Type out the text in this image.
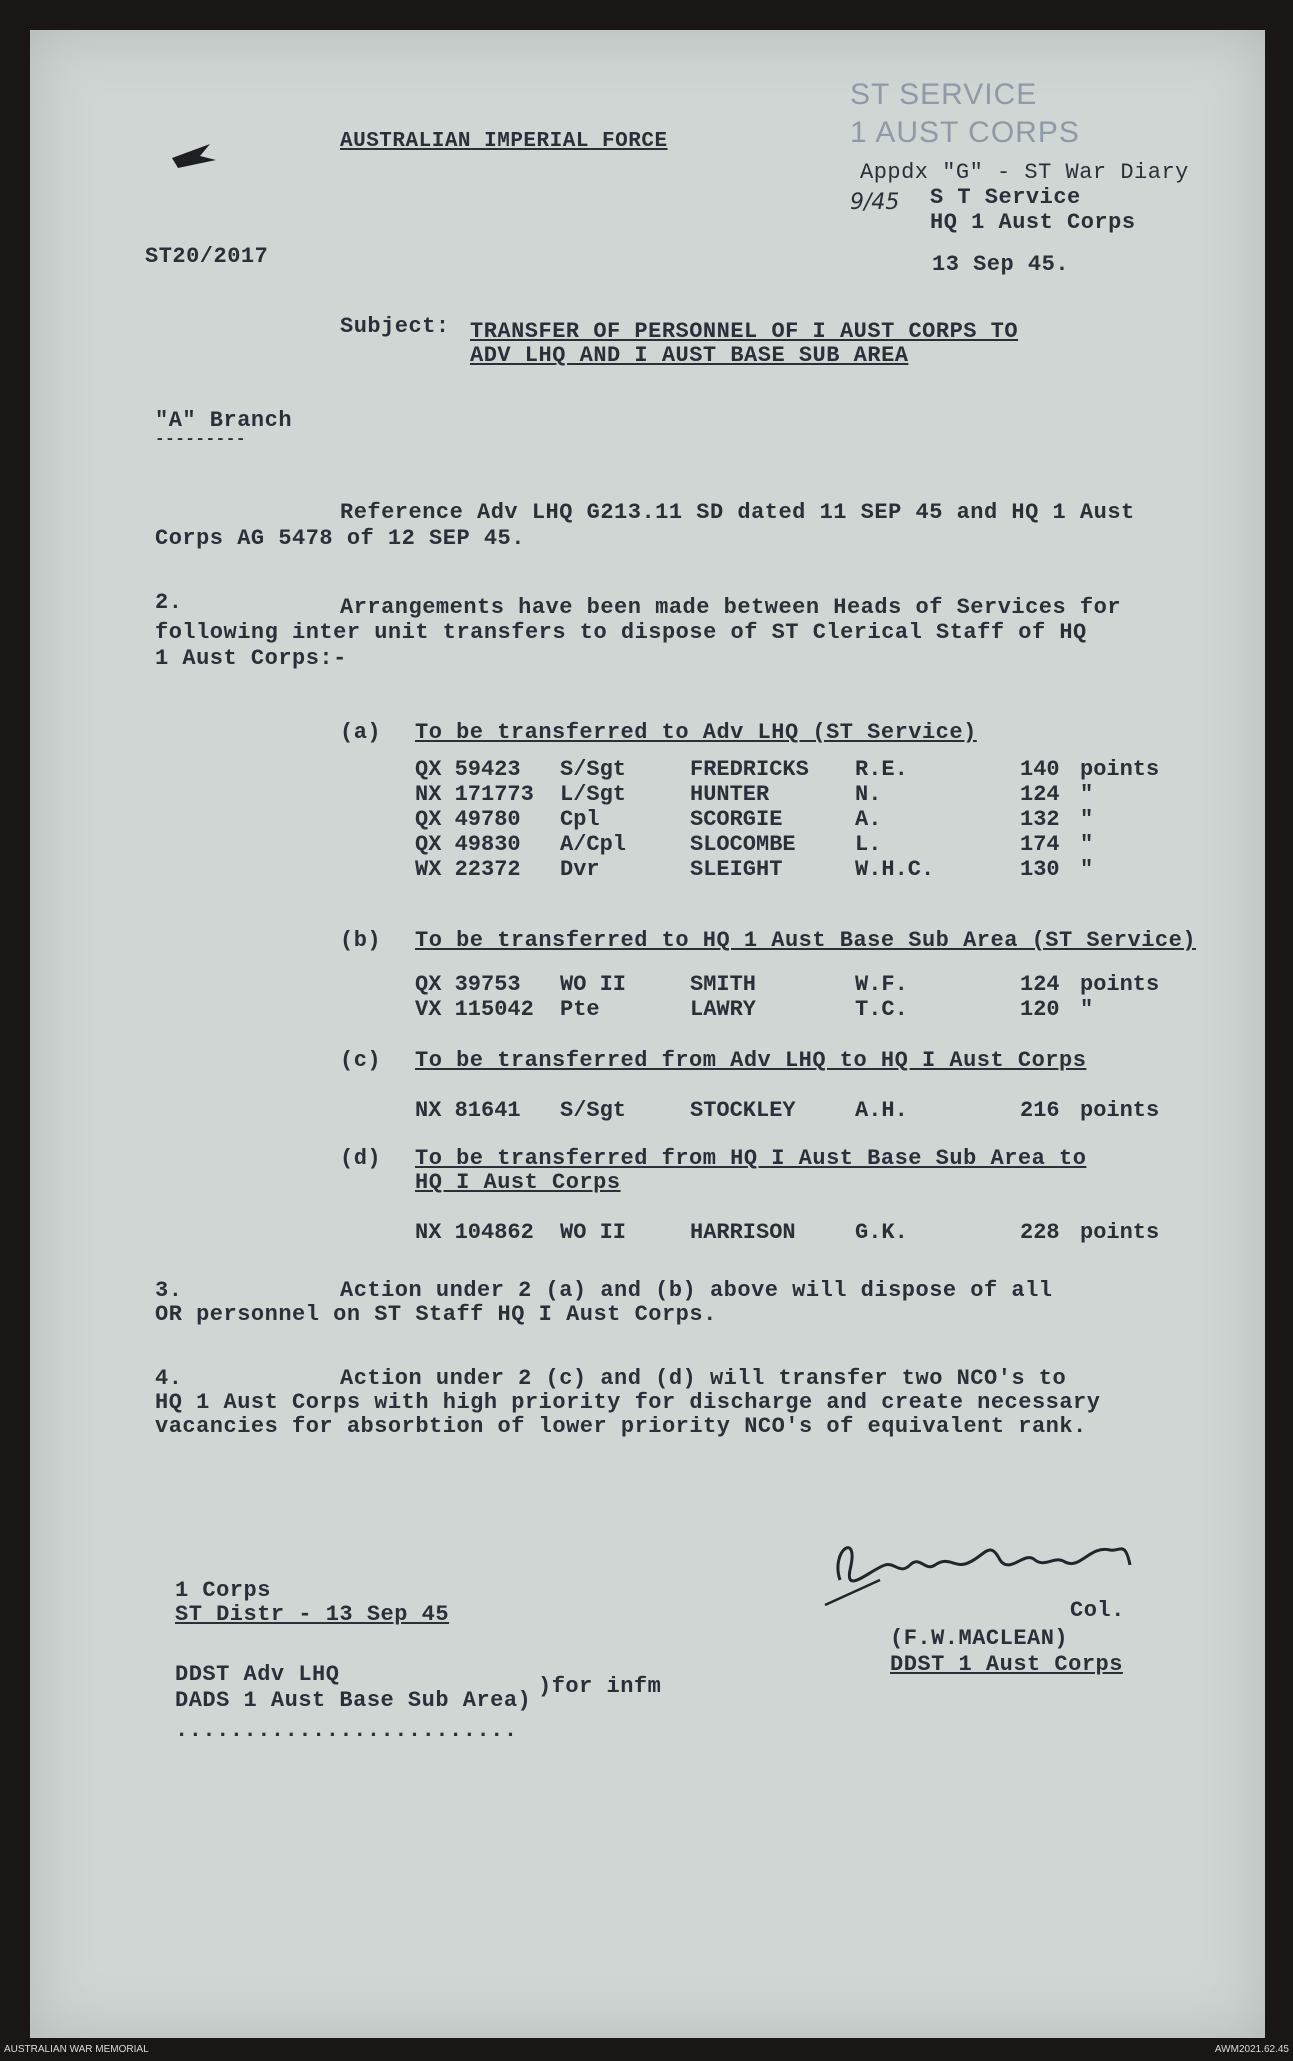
ST SERVICE
1 AUST CORPS
Appdx "G" - ST War Diary
9/45 S T Service
HQ 1 Aust Corps
AUSTRALIAN IMPERIAL FORCE
ST20/2017	13 Sep 45.
Subject: TRANSFER OF PERSONNEL OF I AUST CORPS TO
ADV LHQ AND I AUST BASE SUB AREA
"A" Branch
---------
Reference Adv LHQ G213.11 SD dated 11 SEP 45 and HQ 1 Aust
Corps AG 5478 of 12 SEP 45.
2.	Arrangements have been made between Heads of Services for
following inter unit transfers to dispose of ST Clerical Staff of HQ
1 Aust Corps:-
(a) To be transferred to Adv LHQ (ST Service)
QX 59423	S/Sgt	FREDRICKS	R.E.	140	points
NX 171773	L/Sgt	HUNTER	N.	124	"
QX 49780	Cpl	SCORGIE	A.	132	"
QX 49830	A/Cpl	SLOCOMBE	L.	174	"
WX 22372	Dvr	SLEIGHT	W.H.C.	130	"
(b) To be transferred to HQ 1 Aust Base Sub Area (ST Service)
QX 39753	WO II	SMITH	W.F.	124	points
VX 115042	Pte	LAWRY	T.C.	120	"
(c) To be transferred from Adv LHQ to HQ I Aust Corps
NX 81641	S/Sgt	STOCKLEY	A.H.	216	points
(d) To be transferred from HQ I Aust Base Sub Area to
HQ I Aust Corps
NX 104862	WO II	HARRISON	G.K.	228	points
3.	Action under 2 (a) and (b) above will dispose of all
OR personnel on ST Staff HQ I Aust Corps.
4.	Action under 2 (c) and (d) will transfer two NCO's to
HQ 1 Aust Corps with high priority for discharge and create necessary
vacancies for absorbtion of lower priority NCO's of equivalent rank.
Col.
(F.W.MACLEAN)
DDST 1 Aust Corps
1 Corps
ST Distr - 13 Sep 45
DDST Adv LHQ
DADS 1 Aust Base Sub Area)
)for infm
.........................
AUSTRALIAN WAR MEMORIAL	AWM2021.62.45
